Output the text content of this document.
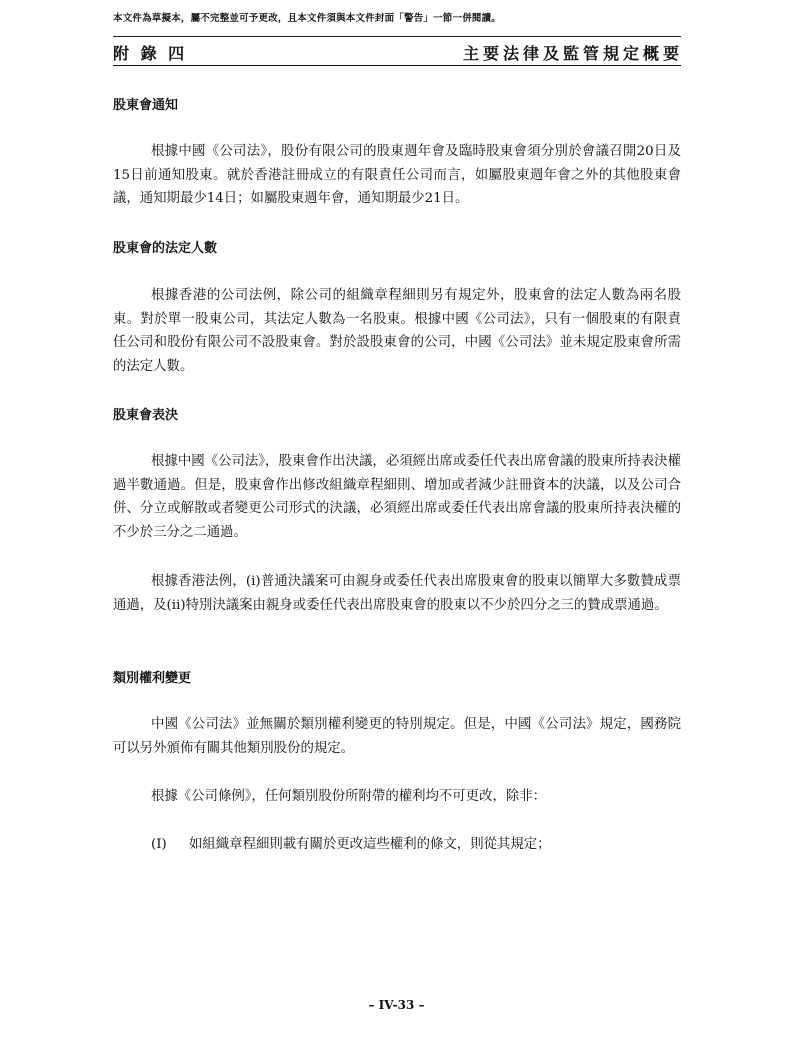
本文件為草擬本，屬不完整並可予更改，且本文件須與本文件封面「警告」一節一併閱讀。
附 錄 四	主要法律及監管規定概要
股東會通知
根據中國《公司法》，股份有限公司的股東週年會及臨時股東會須分別於會議召開20日及15日前通知股東。就於香港註冊成立的有限責任公司而言，如屬股東週年會之外的其他股東會議，通知期最少14日；如屬股東週年會，通知期最少21日。
股東會的法定人數
根據香港的公司法例，除公司的組織章程細則另有規定外，股東會的法定人數為兩名股東。對於單一股東公司，其法定人數為一名股東。根據中國《公司法》，只有一個股東的有限責任公司和股份有限公司不設股東會。對於設股東會的公司，中國《公司法》並未規定股東會所需的法定人數。
股東會表決
根據中國《公司法》，股東會作出決議，必須經出席或委任代表出席會議的股東所持表決權過半數通過。但是，股東會作出修改組織章程細則、增加或者減少註冊資本的決議，以及公司合併、分立或解散或者變更公司形式的決議，必須經出席或委任代表出席會議的股東所持表決權的不少於三分之二通過。
根據香港法例，(i)普通決議案可由親身或委任代表出席股東會的股東以簡單大多數贊成票通過，及(ii)特別決議案由親身或委任代表出席股東會的股東以不少於四分之三的贊成票通過。
類別權利變更
中國《公司法》並無關於類別權利變更的特別規定。但是，中國《公司法》規定，國務院可以另外頒佈有關其他類別股份的規定。
根據《公司條例》，任何類別股份所附帶的權利均不可更改，除非：
(I) 如組織章程細則載有關於更改這些權利的條文，則從其規定；
– IV-33 –
